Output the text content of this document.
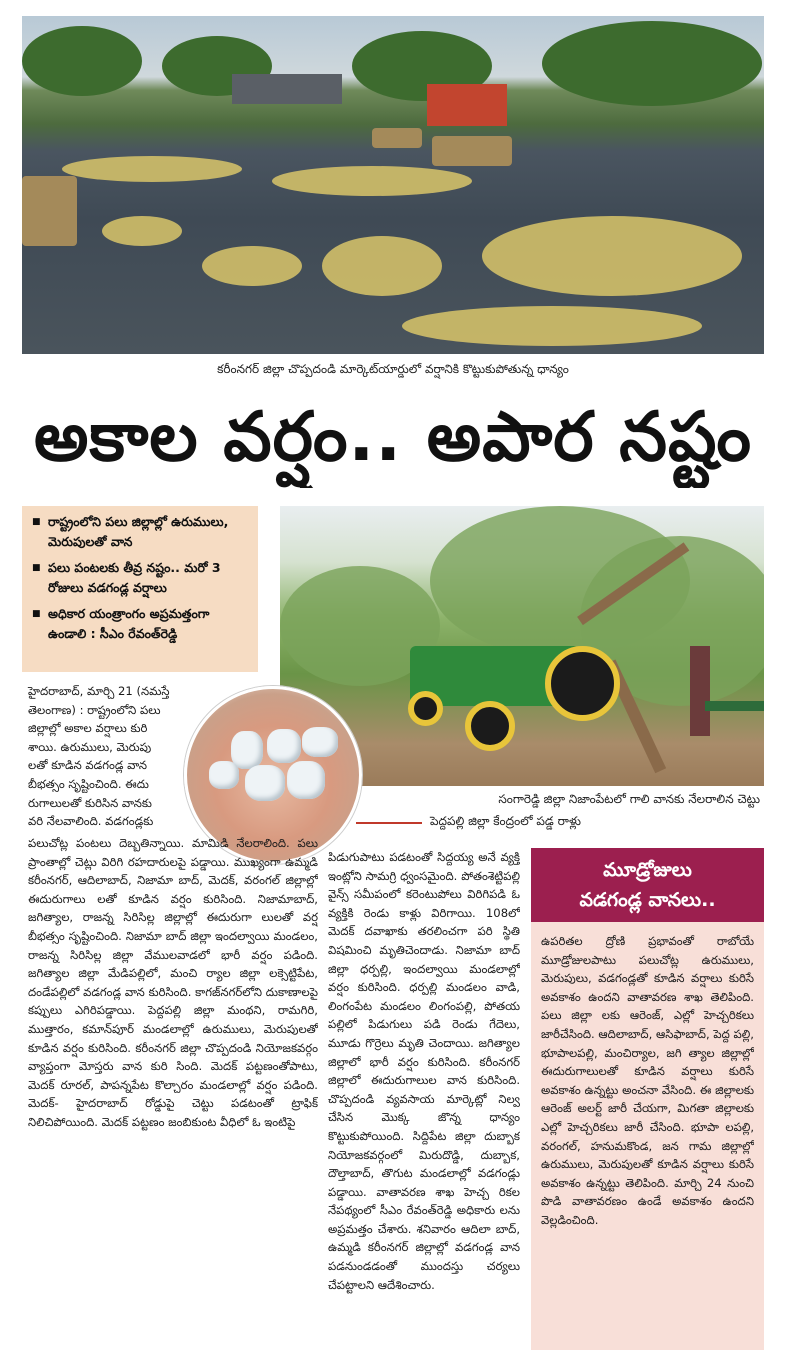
కరీంనగర్ జిల్లా చొప్పదండి మార్కెట్‌యార్డులో వర్షానికి కొట్టుకుపోతున్న ధాన్యం
అకాల వర్షం.. అపార నష్టం
■ రాష్ట్రంలోని పలు జిల్లాల్లో ఉరుములు, మెరుపులతో వాన
■ పలు పంటలకు తీవ్ర నష్టం.. మరో 3 రోజులు వడగండ్ల వర్షాలు
■ అధికార యంత్రాంగం అప్రమత్తంగా ఉండాలి : సీఎం రేవంత్‌రెడ్డి
సంగారెడ్డి జిల్లా నిజాంపేటలో గాలి వానకు నేలరాలిన చెట్టు
పెద్దపల్లి జిల్లా కేంద్రంలో పడ్డ రాళ్లు
హైదరాబాద్, మార్చి 21 (నమస్తే
తెలంగాణ) : రాష్ట్రంలోని పలు
జిల్లాల్లో అకాల వర్షాలు కురి
శాయి. ఉరుములు, మెరుపు
లతో కూడిన వడగండ్ల వాన
బీభత్సం సృష్టించింది. ఈదు
రుగాలులతో కురిసిన వానకు
వరి నేలవాలింది. వడగండ్లకు
పలుచోట్ల పంటలు దెబ్బతిన్నాయి. మామిడి నేలరాలింది. పలు ప్రాంతాల్లో చెట్లు విరిగి రహదారులపై పడ్డాయి. ముఖ్యంగా ఉమ్మడి కరీంనగర్, ఆదిలాబాద్, నిజామా బాద్, మెదక్, వరంగల్ జిల్లాల్లో ఈదురుగాలు లతో కూడిన వర్షం కురిసింది. నిజామాబాద్, జగిత్యాల, రాజన్న సిరిసిల్ల జిల్లాల్లో ఈదురుగా లులతో వర్ష బీభత్సం సృష్టించింది. నిజామా బాద్ జిల్లా ఇందల్వాయి మండలం, రాజన్న సిరిసిల్ల జిల్లా వేములవాడలో భారీ వర్షం పడింది. జగిత్యాల జిల్లా మేడిపల్లిలో, మంచి ర్యాల జిల్లా లక్సెట్టిపేట, దండేపల్లిలో వడగండ్ల వాన కురిసింది. కాగజ్‌నగర్‌లోని దుకాణాలపై కప్పులు ఎగిరిపడ్డాయి. పెద్దపల్లి జిల్లా మంథని, రామగిరి, ముత్తారం, కమాన్‌పూర్ మండలాల్లో ఉరుములు, మెరుపులతో కూడిన వర్షం కురిసింది. కరీంనగర్ జిల్లా చొప్పదండి నియోజకవర్గం వ్యాప్తంగా మోస్తరు వాన కురి సింది. మెదక్ పట్టణంతోపాటు, మెదక్ రూరల్, పాపన్నపేట కొల్చారం మండలాల్లో వర్షం పడింది. మెదక్- హైదరాబాద్ రోడ్డుపై చెట్టు పడటంతో ట్రాఫిక్ నిలిచిపోయింది. మెదక్ పట్టణం జంబికుంట వీధిలో ఓ ఇంటిపై
పిడుగుపాటు పడటంతో సిద్దయ్య అనే వ్యక్తి ఇంట్లోని సామగ్రి ధ్వంసమైంది. పోతంశెట్టిపల్లి వైన్స్ సమీపంలో కరెంటుపోలు విరిగిపడి ఓ వ్యక్తికి రెండు కాళ్లు విరిగాయి. 108లో మెదక్ దవాఖాకు తరలించగా పరి స్థితి విషమించి మృతిచెందాడు. నిజామా బాద్ జిల్లా ధర్పల్లి, ఇందల్వాయి మండలాల్లో వర్షం కురిసింది. ధర్పల్లి మండలం వాడి, లింగంపేట మండలం లింగంపల్లి, పోతయ పల్లిలో పిడుగులు పడి రెండు గేదెలు, మూడు గొర్రెలు మృతి చెందాయి. జగిత్యాల జిల్లాలో భారీ వర్షం కురిసింది. కరీంనగర్ జిల్లాలో ఈదురుగాలుల వాన కురిసింది. చొప్పదండి వ్యవసాయ మార్కెట్లో నిల్వ చేసిన మొక్క జొన్న ధాన్యం కొట్టుకుపోయింది. సిద్దిపేట జిల్లా దుబ్బాక నియోజకవర్గంలో మిరుదొడ్డి, దుబ్బాక, దౌల్తాబాద్, తొగుట మండలాల్లో వడగండ్లు పడ్డాయి. వాతావరణ శాఖ హెచ్చ రికల నేపథ్యంలో సీఎం రేవంత్‌రెడ్డి అధికారు లను అప్రమత్తం చేశారు. శనివారం ఆదిలా బాద్, ఉమ్మడి కరీంనగర్ జిల్లాల్లో వడగండ్ల వాన పడనుండడంతో ముందస్తు చర్యలు చేపట్టాలని ఆదేశించారు.
మూడ్రోజులు
వడగండ్ల వానలు..
ఉపరితల ద్రోణి ప్రభావంతో రాబోయే మూడ్రోజులపాటు పలుచోట్ల ఉరుములు, మెరుపులు, వడగండ్లతో కూడిన వర్షాలు కురిసే అవకాశం ఉందని వాతావరణ శాఖ తెలిపింది. పలు జిల్లా లకు ఆరెంజ్, ఎల్లో హెచ్చరికలు జారీచేసింది. ఆదిలాబాద్, ఆసిఫాబాద్, పెద్ద పల్లి, భూపాలపల్లి, మంచిర్యాల, జగి త్యాల జిల్లాల్లో ఈదురుగాలులతో కూడిన వర్షాలు కురిసే అవకాశం ఉన్నట్టు అంచనా వేసింది. ఈ జిల్లాలకు ఆరెంజ్ అలర్ట్ జారీ చేయగా, మిగతా జిల్లాలకు ఎల్లో హెచ్చరికలు జారీ చేసింది. భూపా లపల్లి, వరంగల్, హనుమకొండ, జన గామ జిల్లాల్లో ఉరుములు, మెరుపులతో కూడిన వర్షాలు కురిసే అవకాశం ఉన్నట్టు తెలిపింది. మార్చి 24 నుంచి పొడి వాతావరణం ఉండే అవకాశం ఉందని వెల్లడించింది.
